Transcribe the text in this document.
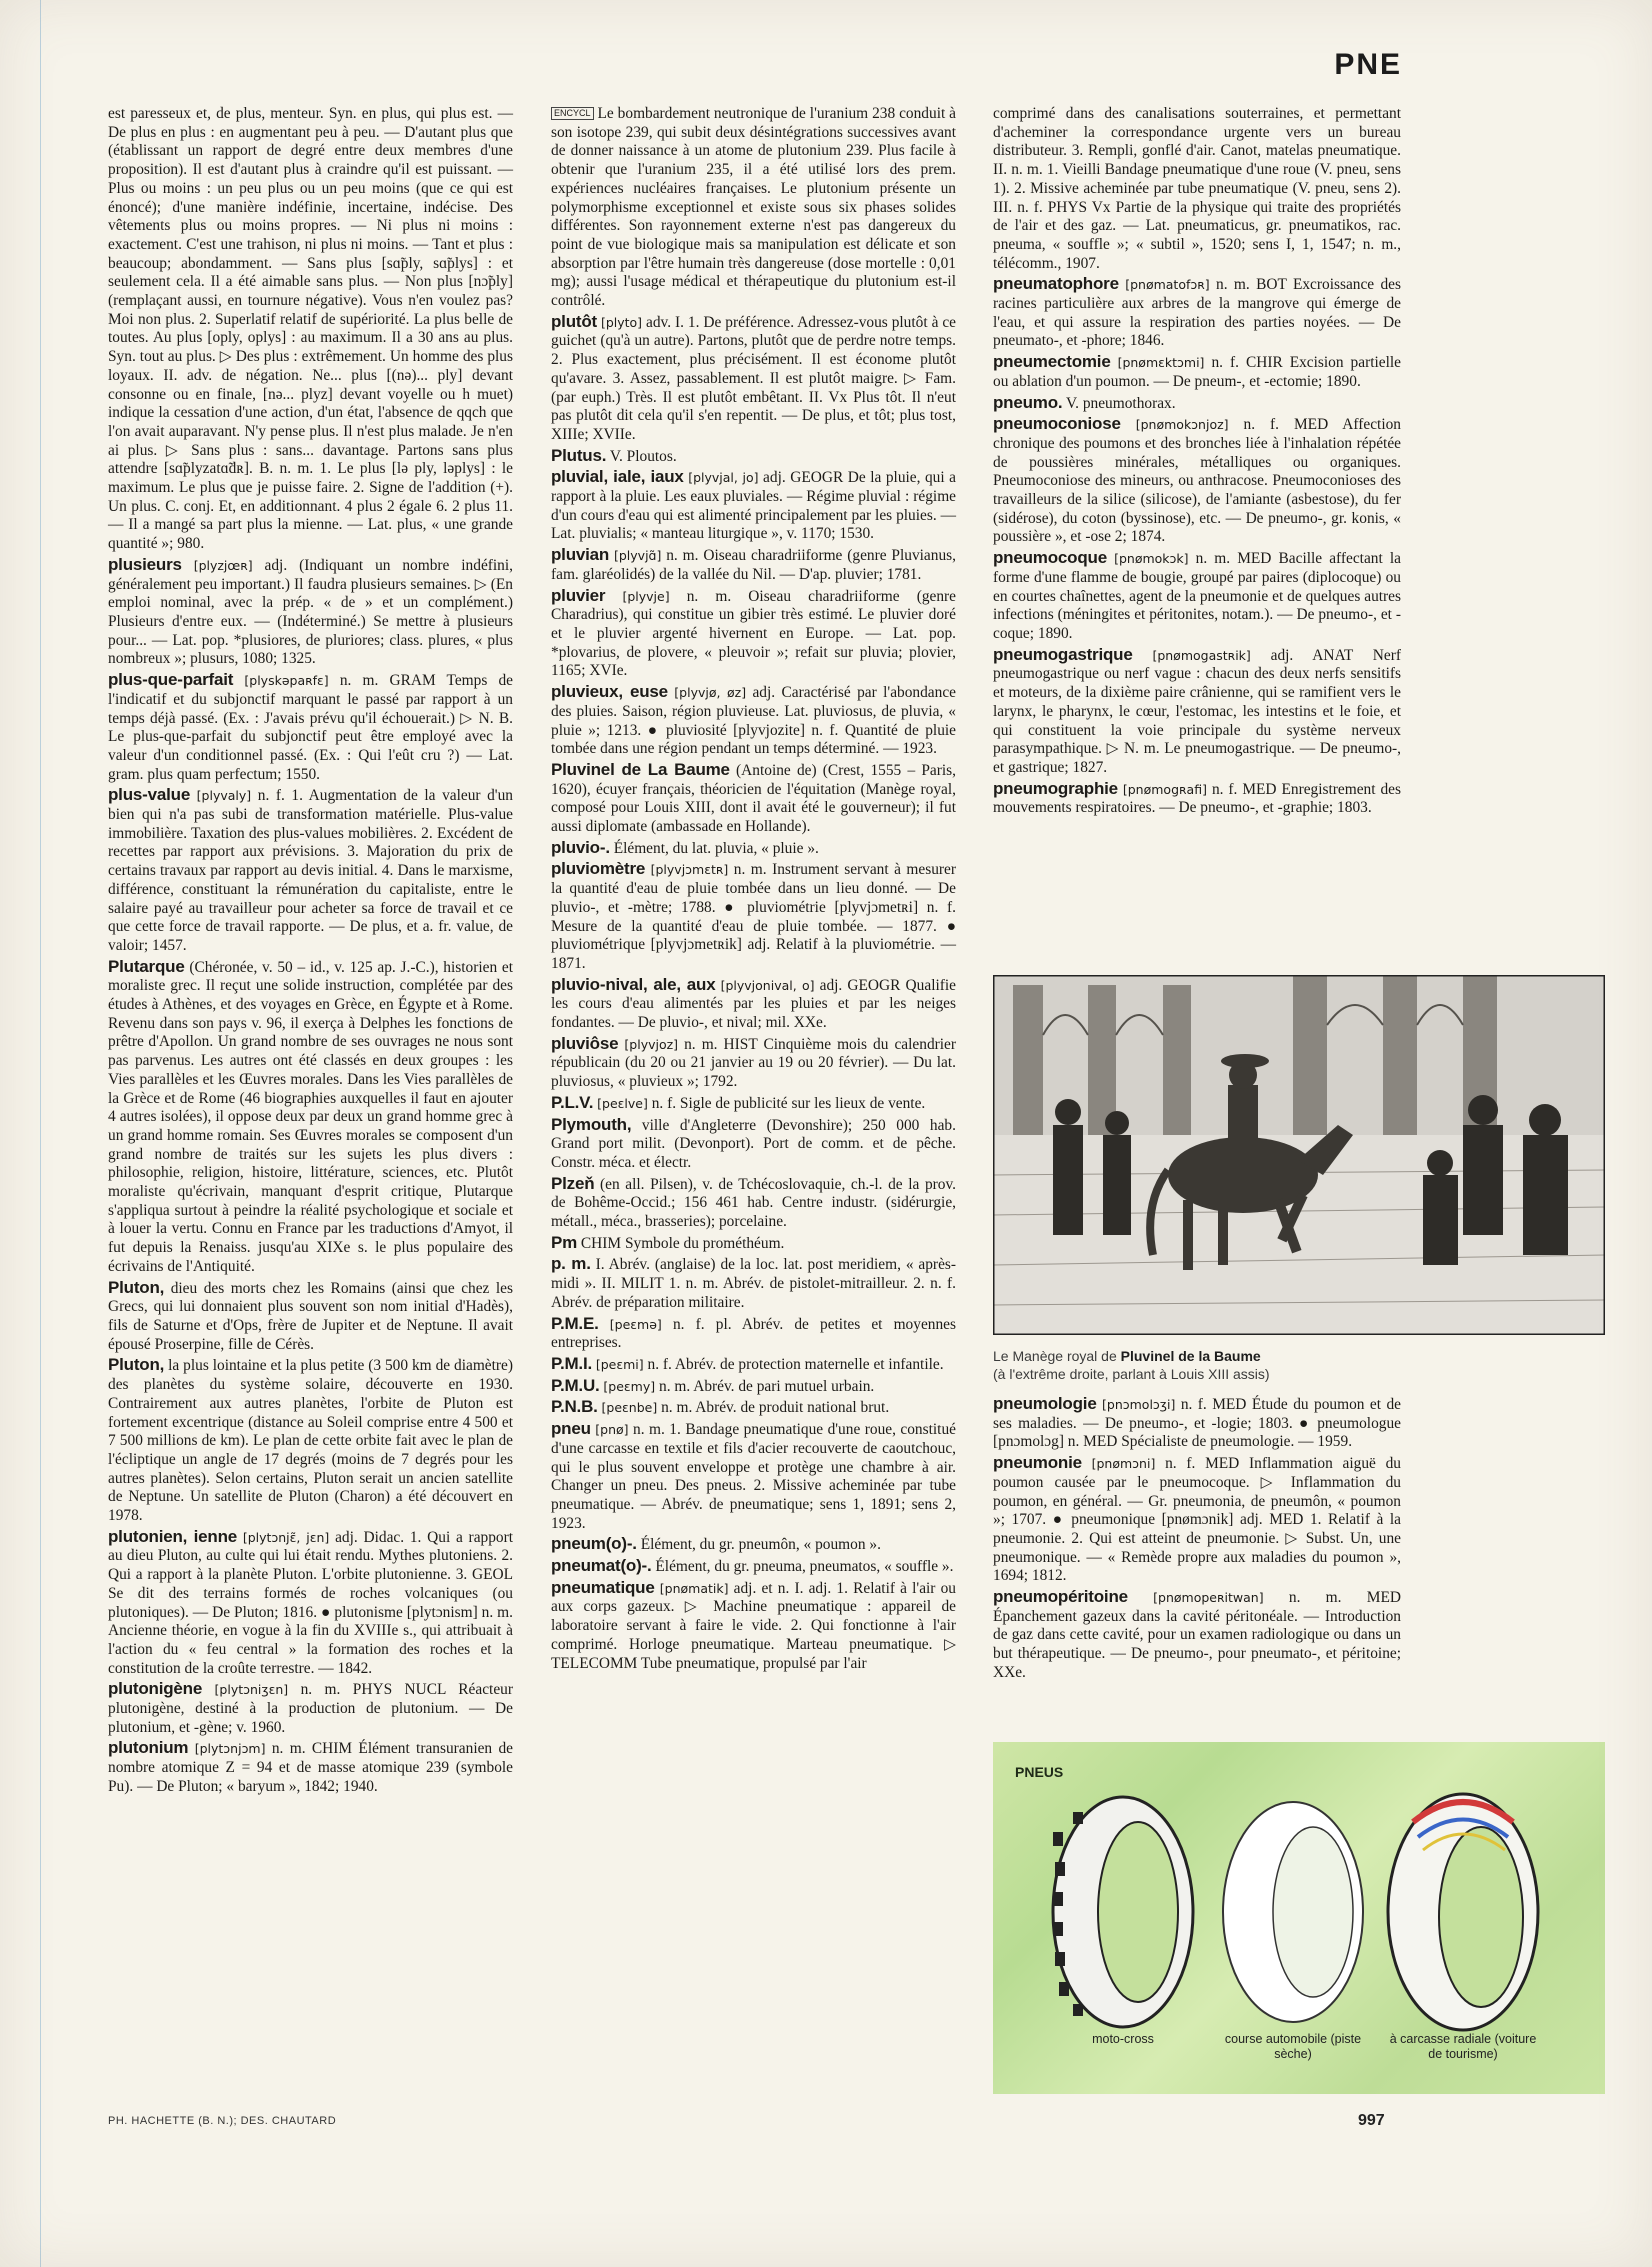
PNE
est paresseux et, de plus, menteur. Syn. en plus, qui plus est. — De plus en plus : en augmentant peu à peu. — D'autant plus que (établissant un rapport de degré entre deux membres d'une proposition). Il est d'autant plus à craindre qu'il est puissant. — Plus ou moins : un peu plus ou un peu moins (que ce qui est énoncé); d'une manière indéfinie, incertaine, indécise. Des vêtements plus ou moins propres. — Ni plus ni moins : exactement. C'est une trahison, ni plus ni moins. — Tant et plus : beaucoup; abondamment. — Sans plus [sɑ̃ply, sɑ̃plys] : et seulement cela. Il a été aimable sans plus. — Non plus [nɔ̃ply] (remplaçant aussi, en tournure négative). Vous n'en voulez pas? Moi non plus. 2. Superlatif relatif de supériorité. La plus belle de toutes. Au plus [oply, oplys] : au maximum. Il a 30 ans au plus. Syn. tout au plus. ▷ Des plus : extrêmement. Un homme des plus loyaux. II. adv. de négation. Ne... plus [(nə)... ply] devant consonne ou en finale, [nə... plyz] devant voyelle ou h muet) indique la cessation d'une action, d'un état, l'absence de qqch que l'on avait auparavant. N'y pense plus. Il n'est plus malade. Je n'en ai plus. ▷ Sans plus : sans... davantage. Partons sans plus attendre [sɑ̃plyzatɑ̃dʀ]. B. n. m. 1. Le plus [lə ply, ləplys] : le maximum. Le plus que je puisse faire. 2. Signe de l'addition (+). Un plus. C. conj. Et, en additionnant. 4 plus 2 égale 6. 2 plus 11. — Il a mangé sa part plus la mienne. — Lat. plus, « une grande quantité »; 980.
plusieurs [plyzjœʀ] adj. (Indiquant un nombre indéfini, généralement peu important.) Il faudra plusieurs semaines. ▷ (En emploi nominal, avec la prép. « de » et un complément.) Plusieurs d'entre eux. — (Indéterminé.) Se mettre à plusieurs pour... — Lat. pop. *plusiores, de pluriores; class. plures, « plus nombreux »; plusurs, 1080; 1325.
plus-que-parfait [plyskəpaʀfɛ] n. m. GRAM Temps de l'indicatif et du subjonctif marquant le passé par rapport à un temps déjà passé. (Ex. : J'avais prévu qu'il échouerait.) ▷ N. B. Le plus-que-parfait du subjonctif peut être employé avec la valeur d'un conditionnel passé. (Ex. : Qui l'eût cru ?) — Lat. gram. plus quam perfectum; 1550.
plus-value [plyvaly] n. f. 1. Augmentation de la valeur d'un bien qui n'a pas subi de transformation matérielle. Plus-value immobilière. Taxation des plus-values mobilières. 2. Excédent de recettes par rapport aux prévisions. 3. Majoration du prix de certains travaux par rapport au devis initial. 4. Dans le marxisme, différence, constituant la rémunération du capitaliste, entre le salaire payé au travailleur pour acheter sa force de travail et ce que cette force de travail rapporte. — De plus, et a. fr. value, de valoir; 1457.
Plutarque (Chéronée, v. 50 – id., v. 125 ap. J.-C.), historien et moraliste grec. Il reçut une solide instruction, complétée par des études à Athènes, et des voyages en Grèce, en Égypte et à Rome. Revenu dans son pays v. 96, il exerça à Delphes les fonctions de prêtre d'Apollon. Un grand nombre de ses ouvrages ne nous sont pas parvenus. Les autres ont été classés en deux groupes : les Vies parallèles et les Œuvres morales. Dans les Vies parallèles de la Grèce et de Rome (46 biographies auxquelles il faut en ajouter 4 autres isolées), il oppose deux par deux un grand homme grec à un grand homme romain. Ses Œuvres morales se composent d'un grand nombre de traités sur les sujets les plus divers : philosophie, religion, histoire, littérature, sciences, etc. Plutôt moraliste qu'écrivain, manquant d'esprit critique, Plutarque s'appliqua surtout à peindre la réalité psychologique et sociale et à louer la vertu. Connu en France par les traductions d'Amyot, il fut depuis la Renaiss. jusqu'au XIXe s. le plus populaire des écrivains de l'Antiquité.
Pluton, dieu des morts chez les Romains (ainsi que chez les Grecs, qui lui donnaient plus souvent son nom initial d'Hadès), fils de Saturne et d'Ops, frère de Jupiter et de Neptune. Il avait épousé Proserpine, fille de Cérès.
Pluton, la plus lointaine et la plus petite (3 500 km de diamètre) des planètes du système solaire, découverte en 1930. Contrairement aux autres planètes, l'orbite de Pluton est fortement excentrique (distance au Soleil comprise entre 4 500 et 7 500 millions de km). Le plan de cette orbite fait avec le plan de l'écliptique un angle de 17 degrés (moins de 7 degrés pour les autres planètes). Selon certains, Pluton serait un ancien satellite de Neptune. Un satellite de Pluton (Charon) a été découvert en 1978.
plutonien, ienne [plytɔnjɛ̃, jɛn] adj. Didac. 1. Qui a rapport au dieu Pluton, au culte qui lui était rendu. Mythes plutoniens. 2. Qui a rapport à la planète Pluton. L'orbite plutonienne. 3. GEOL Se dit des terrains formés de roches volcaniques (ou plutoniques). — De Pluton; 1816. ● plutonisme [plytɔnism] n. m. Ancienne théorie, en vogue à la fin du XVIIIe s., qui attribuait à l'action du « feu central » la formation des roches et la constitution de la croûte terrestre. — 1842.
plutonigène [plytɔniʒɛn] n. m. PHYS NUCL Réacteur plutonigène, destiné à la production de plutonium. — De plutonium, et -gène; v. 1960.
plutonium [plytɔnjɔm] n. m. CHIM Élément transuranien de nombre atomique Z = 94 et de masse atomique 239 (symbole Pu). — De Pluton; « baryum », 1842; 1940.
ENCYCL Le bombardement neutronique de l'uranium 238 conduit à son isotope 239, qui subit deux désintégrations successives avant de donner naissance à un atome de plutonium 239. Plus facile à obtenir que l'uranium 235, il a été utilisé lors des prem. expériences nucléaires françaises. Le plutonium présente un polymorphisme exceptionnel et existe sous six phases solides différentes. Son rayonnement externe n'est pas dangereux du point de vue biologique mais sa manipulation est délicate et son absorption par l'être humain très dangereuse (dose mortelle : 0,01 mg); aussi l'usage médical et thérapeutique du plutonium est-il contrôlé.
plutôt [plyto] adv. I. 1. De préférence. Adressez-vous plutôt à ce guichet (qu'à un autre). Partons, plutôt que de perdre notre temps. 2. Plus exactement, plus précisément. Il est économe plutôt qu'avare. 3. Assez, passablement. Il est plutôt maigre. ▷ Fam. (par euph.) Très. Il est plutôt embêtant. II. Vx Plus tôt. Il n'eut pas plutôt dit cela qu'il s'en repentit. — De plus, et tôt; plus tost, XIIIe; XVIIe.
Plutus. V. Ploutos.
pluvial, iale, iaux [plyvjal, jo] adj. GEOGR De la pluie, qui a rapport à la pluie. Les eaux pluviales. — Régime pluvial : régime d'un cours d'eau qui est alimenté principalement par les pluies. — Lat. pluvialis; « manteau liturgique », v. 1170; 1530.
pluvian [plyvjɑ̃] n. m. Oiseau charadriiforme (genre Pluvianus, fam. glaréolidés) de la vallée du Nil. — D'ap. pluvier; 1781.
pluvier [plyvje] n. m. Oiseau charadriiforme (genre Charadrius), qui constitue un gibier très estimé. Le pluvier doré et le pluvier argenté hivernent en Europe. — Lat. pop. *plovarius, de plovere, « pleuvoir »; refait sur pluvia; plovier, 1165; XVIe.
pluvieux, euse [plyvjø, øz] adj. Caractérisé par l'abondance des pluies. Saison, région pluvieuse. Lat. pluviosus, de pluvia, « pluie »; 1213. ● pluviosité [plyvjozite] n. f. Quantité de pluie tombée dans une région pendant un temps déterminé. — 1923.
Pluvinel de La Baume (Antoine de) (Crest, 1555 – Paris, 1620), écuyer français, théoricien de l'équitation (Manège royal, composé pour Louis XIII, dont il avait été le gouverneur); il fut aussi diplomate (ambassade en Hollande).
pluvio-. Élément, du lat. pluvia, « pluie ».
pluviomètre [plyvjɔmɛtʀ] n. m. Instrument servant à mesurer la quantité d'eau de pluie tombée dans un lieu donné. — De pluvio-, et -mètre; 1788. ● pluviométrie [plyvjɔmetʀi] n. f. Mesure de la quantité d'eau de pluie tombée. — 1877. ● pluviométrique [plyvjɔmetʀik] adj. Relatif à la pluviométrie. — 1871.
pluvio-nival, ale, aux [plyvjonival, o] adj. GEOGR Qualifie les cours d'eau alimentés par les pluies et par les neiges fondantes. — De pluvio-, et nival; mil. XXe.
pluviôse [plyvjoz] n. m. HIST Cinquième mois du calendrier républicain (du 20 ou 21 janvier au 19 ou 20 février). — Du lat. pluviosus, « pluvieux »; 1792.
P.L.V. [peɛlve] n. f. Sigle de publicité sur les lieux de vente.
Plymouth, ville d'Angleterre (Devonshire); 250 000 hab. Grand port milit. (Devonport). Port de comm. et de pêche. Constr. méca. et électr.
Plzeň (en all. Pilsen), v. de Tchécoslovaquie, ch.-l. de la prov. de Bohême-Occid.; 156 461 hab. Centre industr. (sidérurgie, métall., méca., brasseries); porcelaine.
Pm CHIM Symbole du prométhéum.
p. m. I. Abrév. (anglaise) de la loc. lat. post meridiem, « après-midi ». II. MILIT 1. n. m. Abrév. de pistolet-mitrailleur. 2. n. f. Abrév. de préparation militaire.
P.M.E. [peɛmə] n. f. pl. Abrév. de petites et moyennes entreprises.
P.M.I. [peɛmi] n. f. Abrév. de protection maternelle et infantile.
P.M.U. [peɛmy] n. m. Abrév. de pari mutuel urbain.
P.N.B. [peɛnbe] n. m. Abrév. de produit national brut.
pneu [pnø] n. m. 1. Bandage pneumatique d'une roue, constitué d'une carcasse en textile et fils d'acier recouverte de caoutchouc, qui le plus souvent enveloppe et protège une chambre à air. Changer un pneu. Des pneus. 2. Missive acheminée par tube pneumatique. — Abrév. de pneumatique; sens 1, 1891; sens 2, 1923.
pneum(o)-. Élément, du gr. pneumôn, « poumon ».
pneumat(o)-. Élément, du gr. pneuma, pneumatos, « souffle ».
pneumatique [pnømatik] adj. et n. I. adj. 1. Relatif à l'air ou aux corps gazeux. ▷ Machine pneumatique : appareil de laboratoire servant à faire le vide. 2. Qui fonctionne à l'air comprimé. Horloge pneumatique. Marteau pneumatique. ▷ TELECOMM Tube pneumatique, propulsé par l'air
comprimé dans des canalisations souterraines, et permettant d'acheminer la correspondance urgente vers un bureau distributeur. 3. Rempli, gonflé d'air. Canot, matelas pneumatique. II. n. m. 1. Vieilli Bandage pneumatique d'une roue (V. pneu, sens 1). 2. Missive acheminée par tube pneumatique (V. pneu, sens 2). III. n. f. PHYS Vx Partie de la physique qui traite des propriétés de l'air et des gaz. — Lat. pneumaticus, gr. pneumatikos, rac. pneuma, « souffle »; « subtil », 1520; sens I, 1, 1547; n. m., télécomm., 1907.
pneumatophore [pnømatofɔʀ] n. m. BOT Excroissance des racines particulière aux arbres de la mangrove qui émerge de l'eau, et qui assure la respiration des parties noyées. — De pneumato-, et -phore; 1846.
pneumectomie [pnømɛktɔmi] n. f. CHIR Excision partielle ou ablation d'un poumon. — De pneum-, et -ectomie; 1890.
pneumo. V. pneumothorax.
pneumoconiose [pnømokɔnjoz] n. f. MED Affection chronique des poumons et des bronches liée à l'inhalation répétée de poussières minérales, métalliques ou organiques. Pneumoconiose des mineurs, ou anthracose. Pneumoconioses des travailleurs de la silice (silicose), de l'amiante (asbestose), du fer (sidérose), du coton (byssinose), etc. — De pneumo-, gr. konis, « poussière », et -ose 2; 1874.
pneumocoque [pnømokɔk] n. m. MED Bacille affectant la forme d'une flamme de bougie, groupé par paires (diplocoque) ou en courtes chaînettes, agent de la pneumonie et de quelques autres infections (méningites et péritonites, notam.). — De pneumo-, et -coque; 1890.
pneumogastrique [pnømogastʀik] adj. ANAT Nerf pneumogastrique ou nerf vague : chacun des deux nerfs sensitifs et moteurs, de la dixième paire crânienne, qui se ramifient vers le larynx, le pharynx, le cœur, l'estomac, les intestins et le foie, et qui constituent la voie principale du système nerveux parasympathique. ▷ N. m. Le pneumogastrique. — De pneumo-, et gastrique; 1827.
pneumographie [pnømogʀafi] n. f. MED Enregistrement des mouvements respiratoires. — De pneumo-, et -graphie; 1803.
Le Manège royal de Pluvinel de la Baume
(à l'extrême droite, parlant à Louis XIII assis)
pneumologie [pnɔmolɔʒi] n. f. MED Étude du poumon et de ses maladies. — De pneumo-, et -logie; 1803. ● pneumologue [pnɔmolɔg] n. MED Spécialiste de pneumologie. — 1959.
pneumonie [pnømɔni] n. f. MED Inflammation aiguë du poumon causée par le pneumocoque. ▷ Inflammation du poumon, en général. — Gr. pneumonia, de pneumôn, « poumon »; 1707. ● pneumonique [pnømɔnik] adj. MED 1. Relatif à la pneumonie. 2. Qui est atteint de pneumonie. ▷ Subst. Un, une pneumonique. — « Remède propre aux maladies du poumon », 1694; 1812.
pneumopéritoine [pnømopeʀitwan] n. m. MED Épanchement gazeux dans la cavité péritonéale. — Introduction de gaz dans cette cavité, pour un examen radiologique ou dans un but thérapeutique. — De pneumo-, pour pneumato-, et péritoine; XXe.
PNEUS
moto-cross	course automobile (piste sèche)
à carcasse radiale (voiture de tourisme)
PH. HACHETTE (B. N.); DES. CHAUTARD	997
